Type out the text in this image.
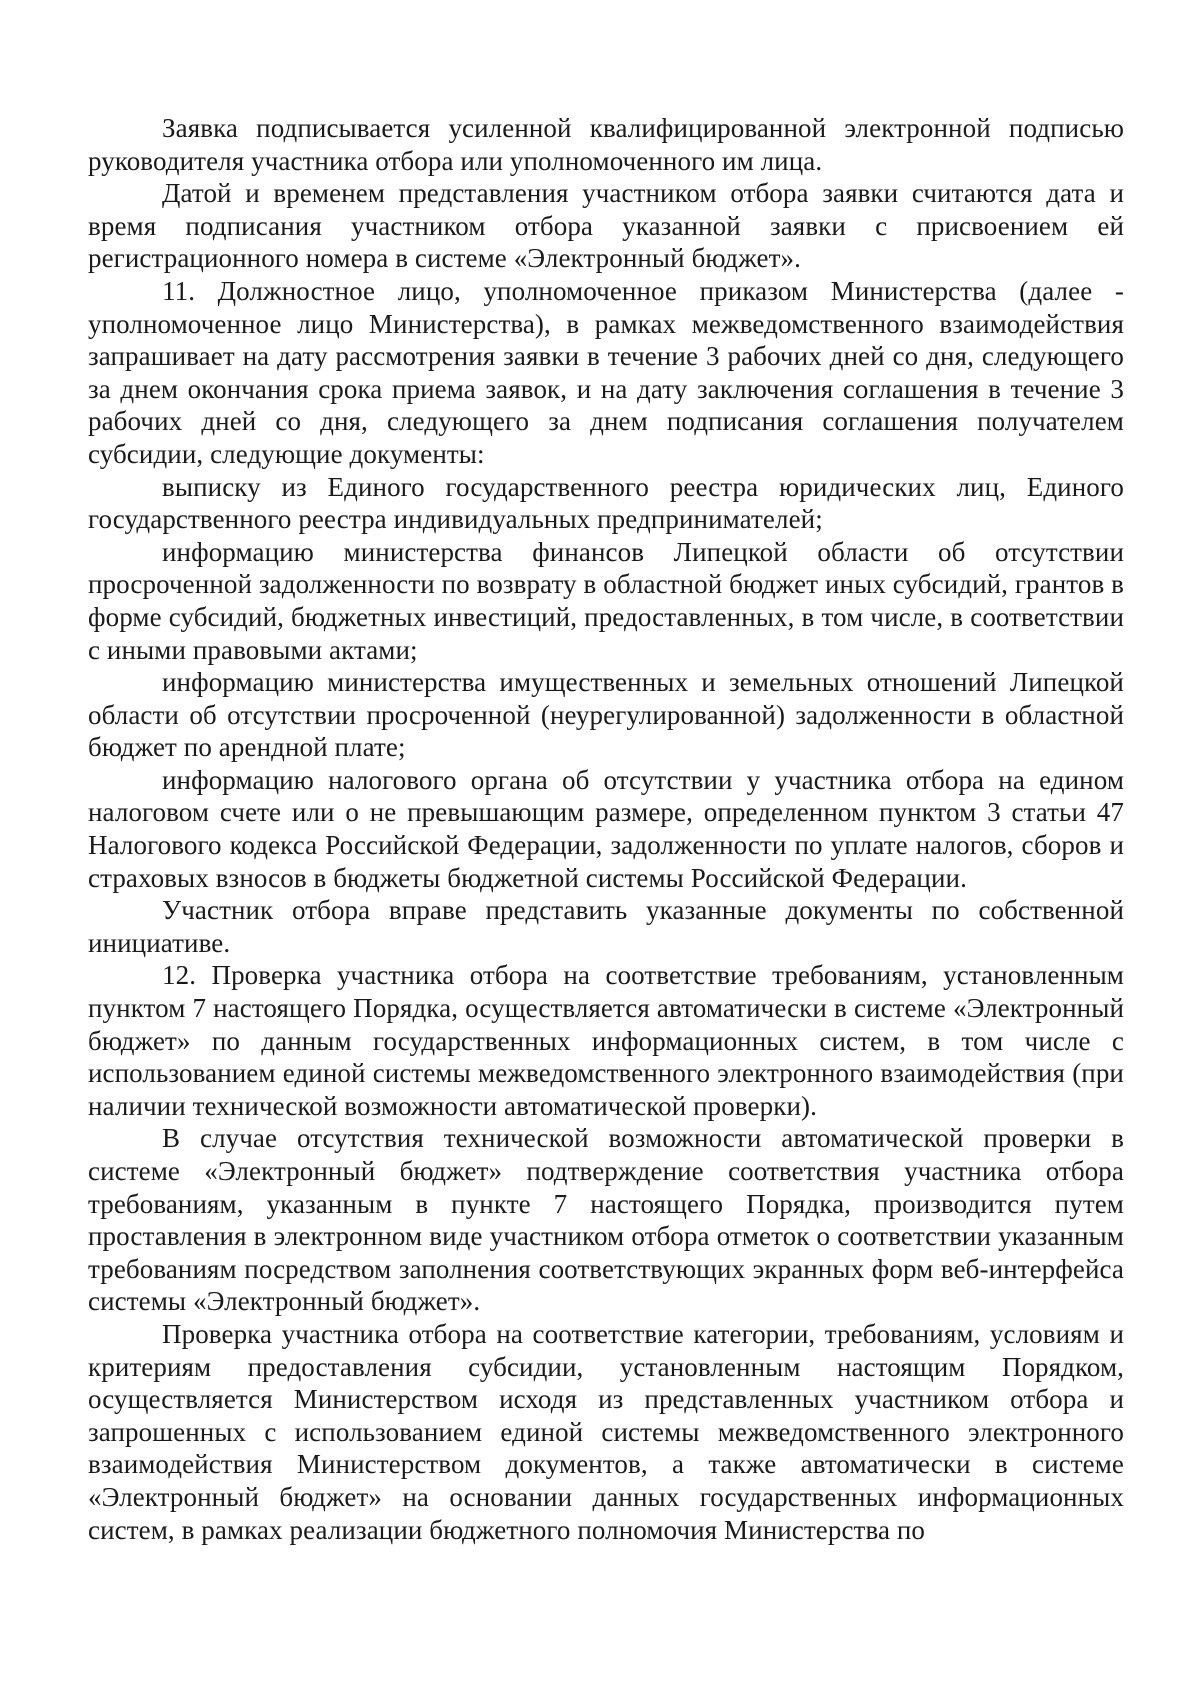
Заявка подписывается усиленной квалифицированной электронной подписью руководителя участника отбора или уполномоченного им лица.

Датой и временем представления участником отбора заявки считаются дата и время подписания участником отбора указанной заявки с присвоением ей регистрационного номера в системе «Электронный бюджет».

11. Должностное лицо, уполномоченное приказом Министерства (далее - уполномоченное лицо Министерства), в рамках межведомственного взаимодействия запрашивает на дату рассмотрения заявки в течение 3 рабочих дней со дня, следующего за днем окончания срока приема заявок, и на дату заключения соглашения в течение 3 рабочих дней со дня, следующего за днем подписания соглашения получателем субсидии, следующие документы:

выписку из Единого государственного реестра юридических лиц, Единого государственного реестра индивидуальных предпринимателей;

информацию министерства финансов Липецкой области об отсутствии просроченной задолженности по возврату в областной бюджет иных субсидий, грантов в форме субсидий, бюджетных инвестиций, предоставленных, в том числе, в соответствии с иными правовыми актами;

информацию министерства имущественных и земельных отношений Липецкой области об отсутствии просроченной (неурегулированной) задолженности в областной бюджет по арендной плате;

информацию налогового органа об отсутствии у участника отбора на едином налоговом счете или о не превышающим размере, определенном пунктом 3 статьи 47 Налогового кодекса Российской Федерации, задолженности по уплате налогов, сборов и страховых взносов в бюджеты бюджетной системы Российской Федерации.

Участник отбора вправе представить указанные документы по собственной инициативе.

12. Проверка участника отбора на соответствие требованиям, установленным пунктом 7 настоящего Порядка, осуществляется автоматически в системе «Электронный бюджет» по данным государственных информационных систем, в том числе с использованием единой системы межведомственного электронного взаимодействия (при наличии технической возможности автоматической проверки).

В случае отсутствия технической возможности автоматической проверки в системе «Электронный бюджет» подтверждение соответствия участника отбора требованиям, указанным в пункте 7 настоящего Порядка, производится путем проставления в электронном виде участником отбора отметок о соответствии указанным требованиям посредством заполнения соответствующих экранных форм веб-интерфейса системы «Электронный бюджет».

Проверка участника отбора на соответствие категории, требованиям, условиям и критериям предоставления субсидии, установленным настоящим Порядком, осуществляется Министерством исходя из представленных участником отбора и запрошенных с использованием единой системы межведомственного электронного взаимодействия Министерством документов, а также автоматически в системе «Электронный бюджет» на основании данных государственных информационных систем, в рамках реализации бюджетного полномочия Министерства по
